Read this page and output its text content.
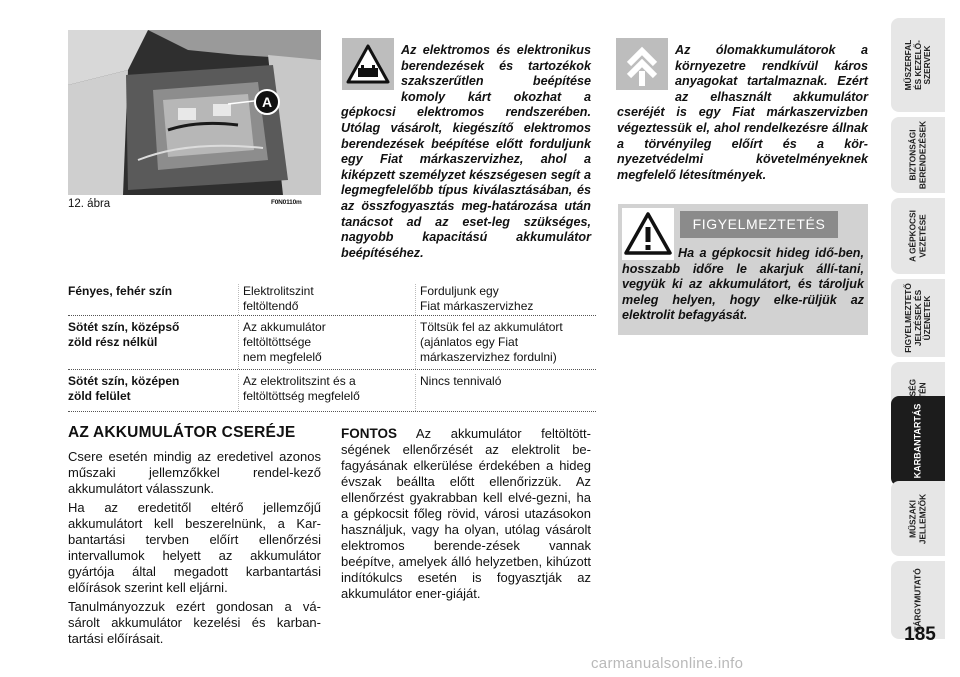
A
12. ábra	F0N0110m
Az elektromos és elektronikus berendezések és tartozékok szakszerűtlen beépítése komoly kárt okozhat a gépkocsi elektromos rendszerében. Utólag vásárolt, kiegészítő elektromos berendezések beépítése előtt forduljunk egy Fiat márkaszervizhez, ahol a kiképzett személyzet készségesen segít a legmegfelelőbb típus kiválasztásában, és az összfogyasztás meg-határozása után tanácsot ad az eset-leg szükséges, nagyobb kapacitású akkumulátor beépítéséhez.
Az ólomakkumulátorok a környezetre rendkívül káros anyagokat tartalmaznak. Ezért az elhasznált akkumulátor cseréjét is egy Fiat márkaszervizben végeztessük el, ahol rendelkezésre állnak a törvényileg előírt és a kör-nyezetvédelmi követelményeknek megfelelő létesítmények.
FIGYELMEZTETÉS
Ha a gépkocsit hideg idő-ben, hosszabb időre le akarjuk állí-tani, vegyük ki az akkumulátort, és tároljuk meleg helyen, hogy elke-rüljük az elektrolit befagyását.
Fényes, fehér szín	Elektrolitszint
feltöltendő
Forduljunk egy
Fiat márkaszervizhez
Sötét szín, középső
zöld rész nélkül
Az akkumulátor
feltöltöttsége
nem megfelelő
Töltsük fel az akkumulátort
(ajánlatos egy Fiat
márkaszervizhez fordulni)
Sötét szín, középen
zöld felület
Az elektrolitszint és a
feltöltöttség megfelelő
Nincs tennivaló
AZ AKKUMULÁTOR CSERÉJE
Csere esetén mindig az eredetivel azonos műszaki jellemzőkkel rendel-kező akkumulátort válasszunk.
Ha az eredetitől eltérő jellemzőjű akkumulátort kell beszerelnünk, a Kar-bantartási tervben előírt ellenőrzési intervallumok helyett az akkumulátor gyártója által megadott karbantartási előírások szerint kell eljárni.
Tanulmányozzuk ezért gondosan a vá-sárolt akkumulátor kezelési és karban-tartási előírásait.
FONTOS Az akkumulátor feltöltött-ségének ellenőrzését az elektrolit be-fagyásának elkerülése érdekében a hideg évszak beállta előtt ellenőrizzük. Az ellenőrzést gyakrabban kell elvé-gezni, ha a gépkocsit főleg rövid, városi utazásokon használjuk, vagy ha olyan, utólag vásárolt elektromos berende-zések vannak beépítve, amelyek álló helyzetben, kihúzott indítókulcs esetén is fogyasztják az akkumulátor ener-giáját.
MŰSZERFAL
ÉS KEZELŐ-
SZERVEK
BIZTONSÁGI
BERENDEZÉSEK
A GÉPKOCSI
VEZETÉSE
FIGYELMEZTETŐ
JELZÉSEK ÉS
ÜZENETEK
KARBANTARTÁS
MŰSZAKI
JELLEMZŐK
TÁRGYMUTATÓ
185
carmanualsonline.info
